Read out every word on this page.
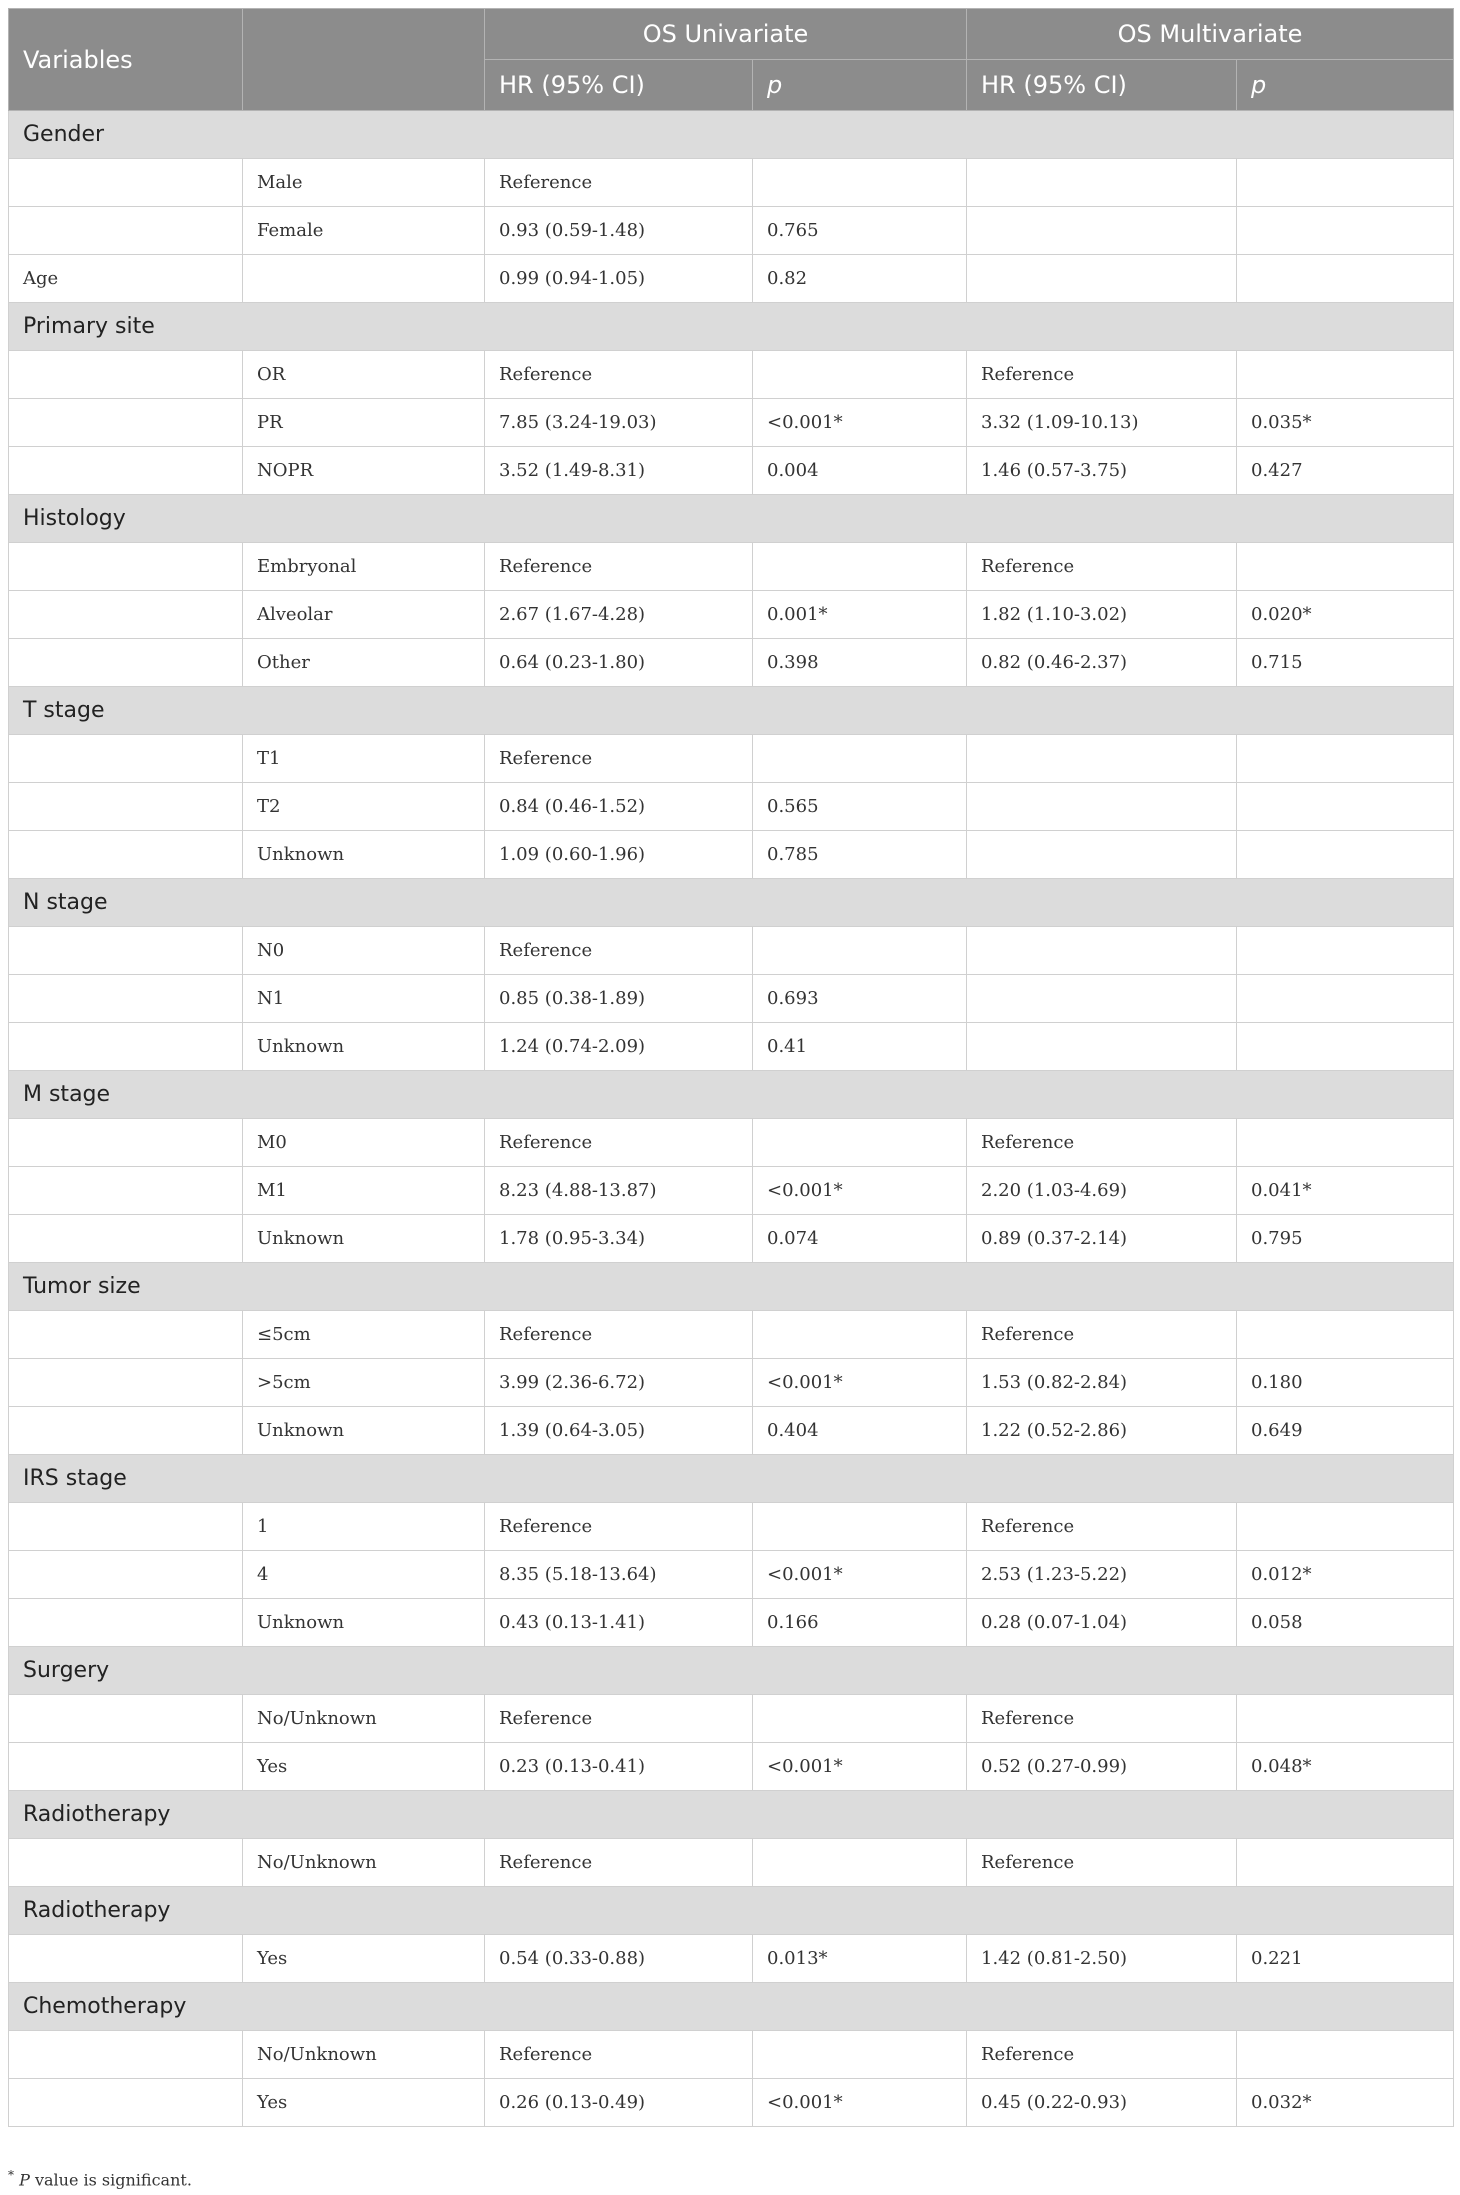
Variables		OS Univariate		OS Multivariate	
		HR (95% CI)	p	HR (95% CI)	p
Gender					
	Male	Reference			
	Female	0.93 (0.59-1.48)	0.765		
Age		0.99 (0.94-1.05)	0.82		
Primary site					
	OR	Reference		Reference	
	PR	7.85 (3.24-19.03)	<0.001*	3.32 (1.09-10.13)	0.035*
	NOPR	3.52 (1.49-8.31)	0.004	1.46 (0.57-3.75)	0.427
Histology					
	Embryonal	Reference		Reference	
	Alveolar	2.67 (1.67-4.28)	0.001*	1.82 (1.10-3.02)	0.020*
	Other	0.64 (0.23-1.80)	0.398	0.82 (0.46-2.37)	0.715
T stage					
	T1	Reference			
	T2	0.84 (0.46-1.52)	0.565		
	Unknown	1.09 (0.60-1.96)	0.785		
N stage					
	N0	Reference			
	N1	0.85 (0.38-1.89)	0.693		
	Unknown	1.24 (0.74-2.09)	0.41		
M stage					
	M0	Reference		Reference	
	M1	8.23 (4.88-13.87)	<0.001*	2.20 (1.03-4.69)	0.041*
	Unknown	1.78 (0.95-3.34)	0.074	0.89 (0.37-2.14)	0.795
Tumor size					
	≤5cm	Reference		Reference	
	>5cm	3.99 (2.36-6.72)	<0.001*	1.53 (0.82-2.84)	0.180
	Unknown	1.39 (0.64-3.05)	0.404	1.22 (0.52-2.86)	0.649
IRS stage					
	1	Reference		Reference	
	4	8.35 (5.18-13.64)	<0.001*	2.53 (1.23-5.22)	0.012*
	Unknown	0.43 (0.13-1.41)	0.166	0.28 (0.07-1.04)	0.058
Surgery					
	No/Unknown	Reference		Reference	
	Yes	0.23 (0.13-0.41)	<0.001*	0.52 (0.27-0.99)	0.048*
Radiotherapy					
	No/Unknown	Reference		Reference	
Radiotherapy					
	Yes	0.54 (0.33-0.88)	0.013*	1.42 (0.81-2.50)	0.221
Chemotherapy					
	No/Unknown	Reference		Reference	
	Yes	0.26 (0.13-0.49)	<0.001*	0.45 (0.22-0.93)	0.032*
* P value is significant.
